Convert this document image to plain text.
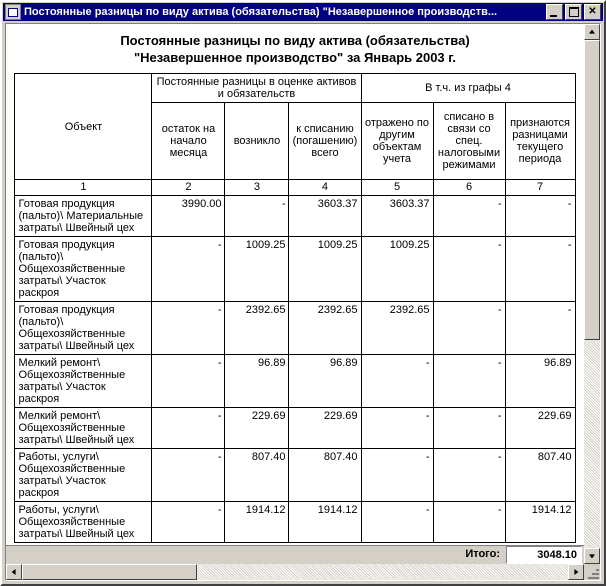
Постоянные разницы по виду актива (обязательства) "Незавершенное производств...	✕
Постоянные разницы по виду актива (обязательства)
"Незавершенное производство" за Январь 2003 г.
Объект	Постоянные разницы в оценке активов и обязательств			В т.ч. из графы 4		
	остаток на начало месяца	возникло	к списанию (погашению) всего	отражено по другим объектам учета	списано в связи со спец. налоговыми режимами	признаются разницами текущего периода
1	2	3	4	5	6	7
Готовая продукция (пальто)\ Материальные затраты\ Швейный цех	3990.00	-	3603.37	3603.37	-	-
Готовая продукция (пальто)\ Общехозяйственные затраты\ Участок раскроя	-	1009.25	1009.25	1009.25	-	-
Готовая продукция (пальто)\ Общехозяйственные затраты\ Швейный цех	-	2392.65	2392.65	2392.65	-	-
Мелкий ремонт\ Общехозяйственные затраты\ Участок раскроя	-	96.89	96.89	-	-	96.89
Мелкий ремонт\ Общехозяйственные затраты\ Швейный цех	-	229.69	229.69	-	-	229.69
Работы, услуги\ Общехозяйственные затраты\ Участок раскроя	-	807.40	807.40	-	-	807.40
Работы, услуги\ Общехозяйственные затраты\ Швейный цех	-	1914.12	1914.12	-	-	1914.12
Итого:	3048.10
